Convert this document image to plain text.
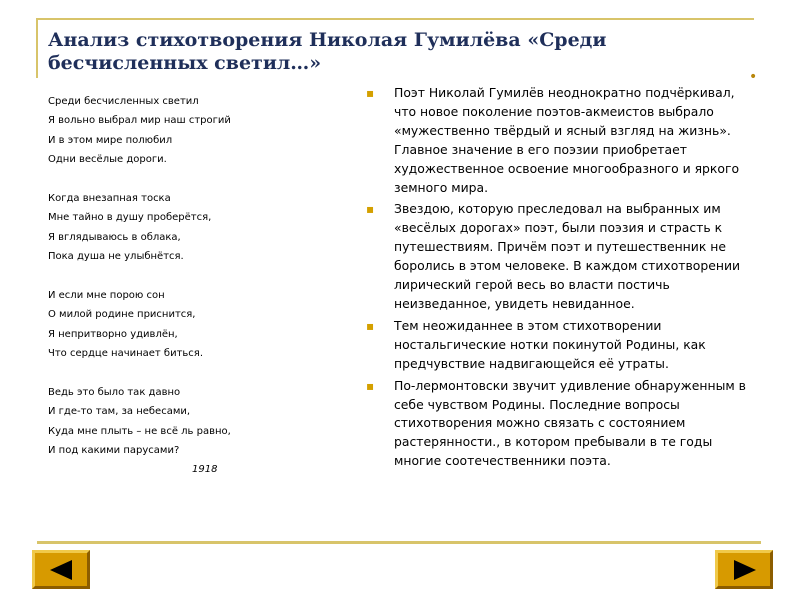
•
Анализ стихотворения Николая Гумилёва «Среди бесчисленных светил…»
Среди бесчисленных светил
Я вольно выбрал мир наш строгий
И в этом мире полюбил
Одни весёлые дороги.
Когда внезапная тоска
Мне тайно в душу проберётся,
Я вглядываюсь в облака,
Пока душа не улыбнётся.
И если мне порою сон
О милой родине приснится,
Я непритворно удивлён,
Что сердце начинает биться.
Ведь это было так давно
И где-то там, за небесами,
Куда мне плыть – не всё ль равно,
И под какими парусами?
1918
▪	Поэт Николай Гумилёв неоднократно подчёркивал, что новое поколение поэтов-акмеистов выбрало «мужественно твёрдый и ясный взгляд на жизнь». Главное значение в его поэзии приобретает художественное освоение многообразного и яркого земного мира.
▪	Звездою, которую преследовал на выбранных им «весёлых дорогах» поэт, были поэзия и страсть к путешествиям. Причём поэт и путешественник не боролись в этом человеке. В каждом стихотворении лирический герой весь во власти постичь неизведанное, увидеть невиданное.
▪	Тем неожиданнее в этом стихотворении ностальгические нотки покинутой Родины, как предчувствие надвигающейся её утраты.
▪	По-лермонтовски звучит удивление обнаруженным в себе чувством Родины. Последние вопросы стихотворения можно связать с состоянием растерянности., в котором пребывали в те годы многие соотечественники поэта.
